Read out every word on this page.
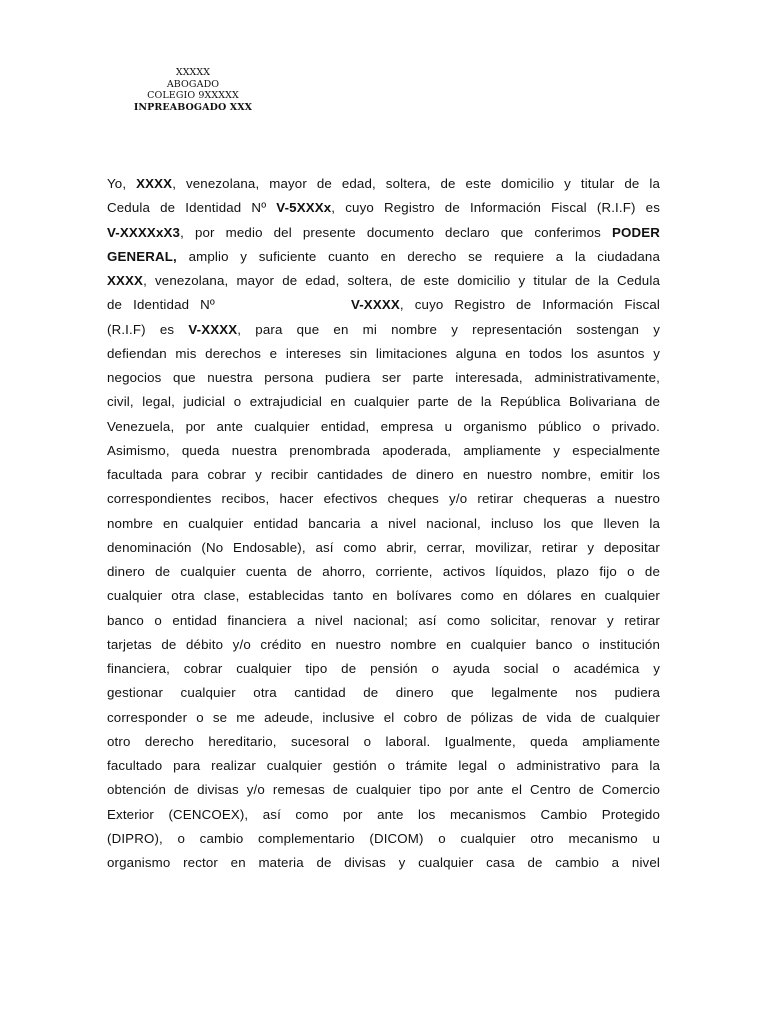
XXXXX
ABOGADO
COLEGIO 9XXXXX
INPREABOGADO XXX
Yo, XXXX, venezolana, mayor de edad, soltera, de este domicilio y titular de la
Cedula de Identidad Nº V-5XXXx, cuyo Registro de Información Fiscal (R.I.F) es
V-XXXXxX3, por medio del presente documento declaro que conferimos PODER
GENERAL, amplio y suficiente cuanto en derecho se requiere a la ciudadana
XXXX, venezolana, mayor de edad, soltera, de este domicilio y titular de la Cedula
de Identidad Nº	V-XXXX, cuyo Registro de Información Fiscal
(R.I.F) es V-XXXX, para que en mi nombre y representación sostengan y
defiendan mis derechos e intereses sin limitaciones alguna en todos los asuntos y
negocios que nuestra persona pudiera ser parte interesada, administrativamente,
civil, legal, judicial o extrajudicial en cualquier parte de la República Bolivariana de
Venezuela, por ante cualquier entidad, empresa u organismo público o privado.
Asimismo, queda nuestra prenombrada apoderada, ampliamente y especialmente
facultada para cobrar y recibir cantidades de dinero en nuestro nombre, emitir los
correspondientes recibos, hacer efectivos cheques y/o retirar chequeras a nuestro
nombre en cualquier entidad bancaria a nivel nacional, incluso los que lleven la
denominación (No Endosable), así como abrir, cerrar, movilizar, retirar y depositar
dinero de cualquier cuenta de ahorro, corriente, activos líquidos, plazo fijo o de
cualquier otra clase, establecidas tanto en bolívares como en dólares en cualquier
banco o entidad financiera a nivel nacional; así como solicitar, renovar y retirar
tarjetas de débito y/o crédito en nuestro nombre en cualquier banco o institución
financiera, cobrar cualquier tipo de pensión o ayuda social o académica y
gestionar cualquier otra cantidad de dinero que legalmente nos pudiera
corresponder o se me adeude, inclusive el cobro de pólizas de vida de cualquier
otro derecho hereditario, sucesoral o laboral. Igualmente, queda ampliamente
facultado para realizar cualquier gestión o trámite legal o administrativo para la
obtención de divisas y/o remesas de cualquier tipo por ante el Centro de Comercio
Exterior (CENCOEX), así como por ante los mecanismos Cambio Protegido
(DIPRO), o cambio complementario (DICOM) o cualquier otro mecanismo u
organismo rector en materia de divisas y cualquier casa de cambio a nivel
